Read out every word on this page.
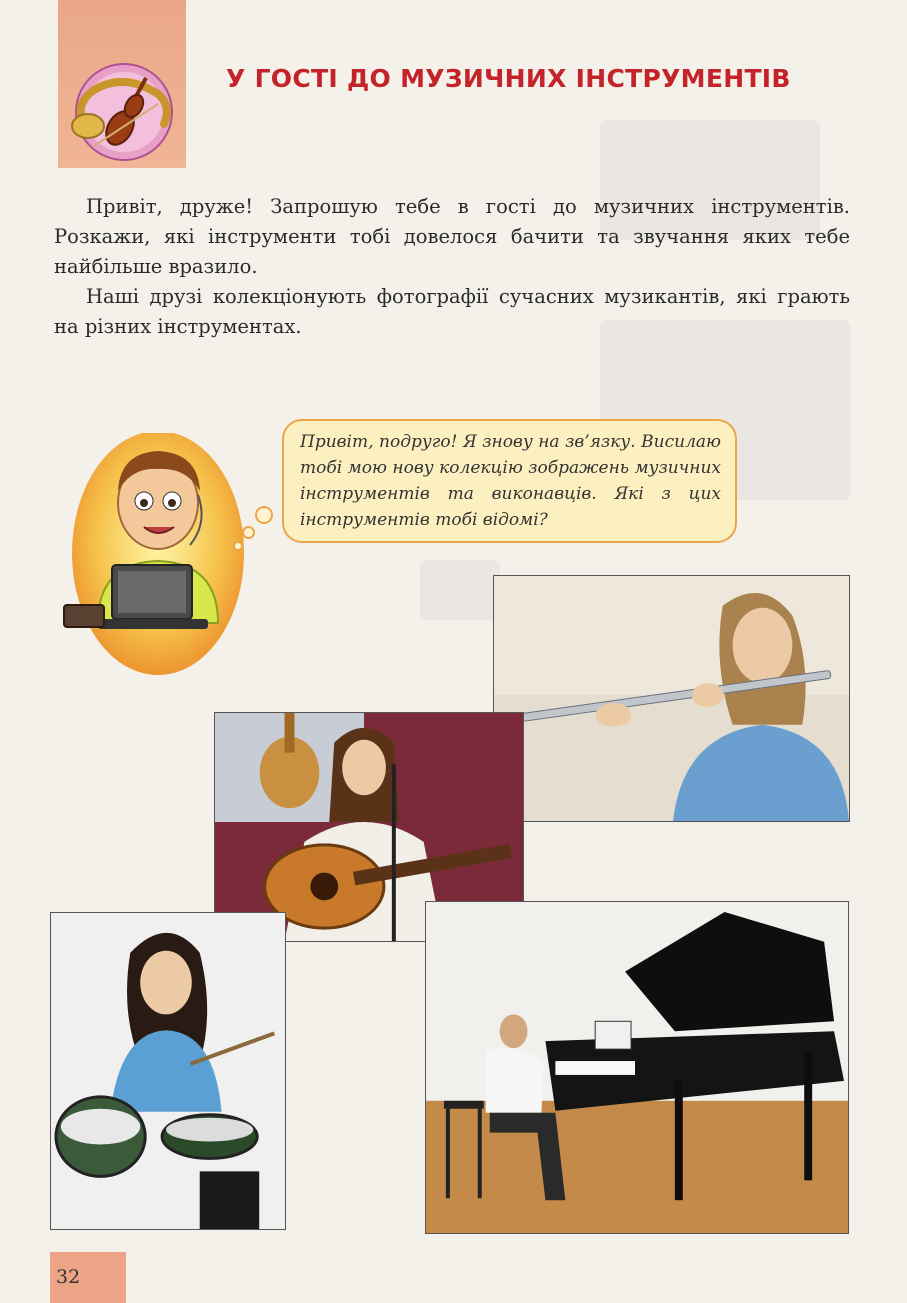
У ГОСТІ ДО МУЗИЧНИХ ІНСТРУМЕНТІВ

Привіт, друже! Запрошую тебе в гості до музичних інструментів. Розкажи, які інструменти тобі довелося бачити та звучання яких тебе найбільше вразило.

Наші друзі колекціонують фотографії сучасних музикантів, які грають на різних інструментах.

Привіт, подруго! Я знову на зв’язку. Висилаю тобі мою нову колекцію зображень музичних інструментів та виконавців. Які з цих інструментів тобі відомі?

32
